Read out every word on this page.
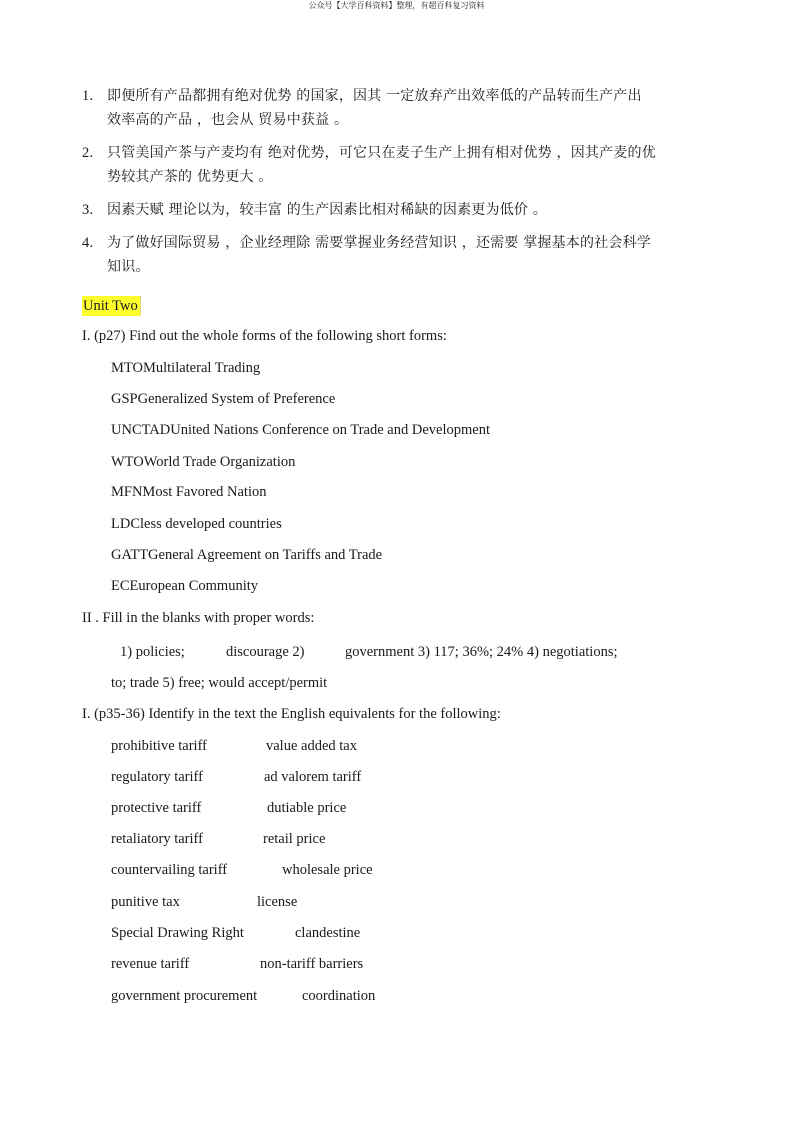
公众号【大学百科资料】整理，有超百科复习资料
1. 即便所有产品都拥有绝对优势 的国家，因其 一定放弃产出效率低的产品转而生产产出
效率高的产品 ，也会从 贸易中获益 。
2. 只管美国产茶与产麦均有 绝对优势，可它只在麦子生产上拥有相对优势 ，因其产麦的优
势较其产茶的 优势更大 。
3. 因素天赋 理论以为，较丰富 的生产因素比相对稀缺的因素更为低价 。
4. 为了做好国际贸易 ，企业经理除 需要掌握业务经营知识 ，还需要 掌握基本的社会科学
知识。
Unit Two
I. (p27) Find out the whole forms of the following short forms:
MTOMultilateral Trading
GSPGeneralized System of Preference
UNCTADUnited Nations Conference on Trade and Development
WTOWorld Trade Organization
MFNMost Favored Nation
LDCless developed countries
GATTGeneral Agreement on Tariffs and Trade
ECEuropean Community
II . Fill in the blanks with proper words:
1) policies;	discourage 2)	government 3) 117; 36%; 24% 4) negotiations;
to; trade 5) free; would accept/permit
I. (p35-36) Identify in the text the English equivalents for the following:
prohibitive tariff	value added tax
regulatory tariff	ad valorem tariff
protective tariff	dutiable price
retaliatory tariff	retail price
countervailing tariff	wholesale price
punitive tax	license
Special Drawing Right	clandestine
revenue tariff	non-tariff barriers
government procurement	coordination
